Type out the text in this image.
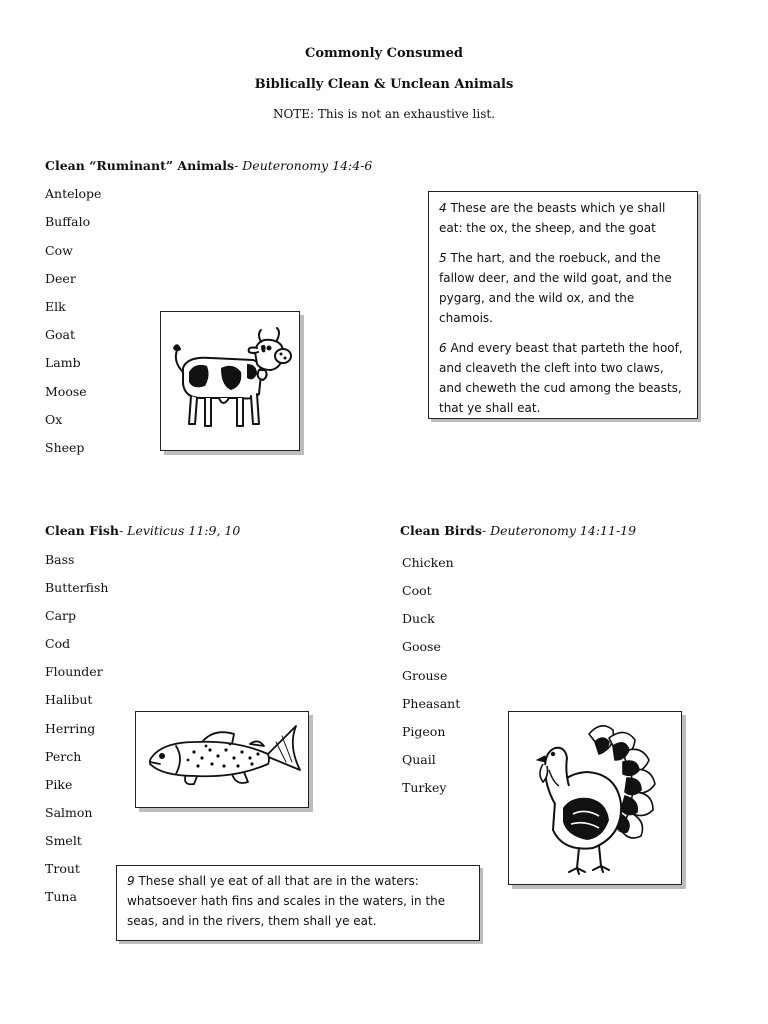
Commonly Consumed
Biblically Clean & Unclean Animals
NOTE: This is not an exhaustive list.
Clean “Ruminant” Animals- Deuteronomy 14:4-6
Antelope
Buffalo
Cow
Deer
Elk
Goat
Lamb
Moose
Ox
Sheep

4 These are the beasts which ye shall eat: the ox, the sheep, and the goat

5 The hart, and the roebuck, and the fallow deer, and the wild goat, and the pygarg, and the wild ox, and the chamois.

6 And every beast that parteth the hoof, and cleaveth the cleft into two claws, and cheweth the cud among the beasts, that ye shall eat.

Clean Fish- Leviticus 11:9, 10
Bass
Butterfish
Carp
Cod
Flounder
Halibut
Herring
Perch
Pike
Salmon
Smelt
Trout
Tuna

9 These shall ye eat of all that are in the waters: whatsoever hath fins and scales in the waters, in the seas, and in the rivers, them shall ye eat.

Clean Birds- Deuteronomy 14:11-19
Chicken
Coot
Duck
Goose
Grouse
Pheasant
Pigeon
Quail
Turkey
